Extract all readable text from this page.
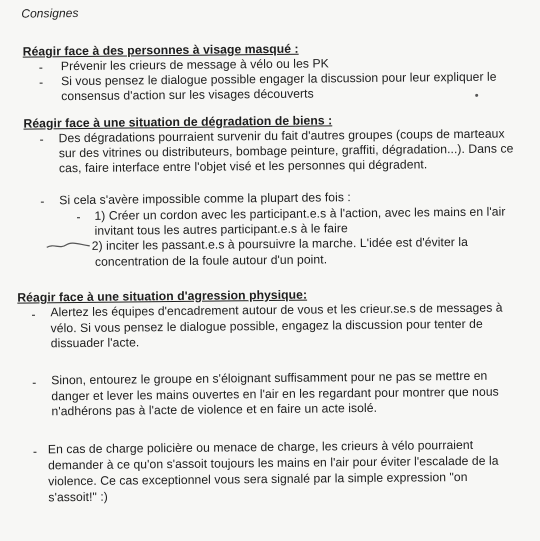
Consignes
Réagir face à des personnes à visage masqué :
- Prévenir les crieurs de message à vélo ou les PK
- Si vous pensez le dialogue possible engager la discussion pour leur expliquer le
consensus d'action sur les visages découverts
Réagir face à une situation de dégradation de biens :
- Des dégradations pourraient survenir du fait d'autres groupes (coups de marteaux
sur des vitrines ou distributeurs, bombage peinture, graffiti, dégradation...). Dans ce
cas, faire interface entre l'objet visé et les personnes qui dégradent.
- Si cela s'avère impossible comme la plupart des fois :
- 1) Créer un cordon avec les participant.e.s à l'action, avec les mains en l'air
invitant tous les autres participant.e.s à le faire
2) inciter les passant.e.s à poursuivre la marche. L'idée est d'éviter la
concentration de la foule autour d'un point.
Réagir face à une situation d'agression physique:
- Alertez les équipes d'encadrement autour de vous et les crieur.se.s de messages à
vélo. Si vous pensez le dialogue possible, engagez la discussion pour tenter de
dissuader l'acte.
- Sinon, entourez le groupe en s'éloignant suffisamment pour ne pas se mettre en
danger et lever les mains ouvertes en l'air en les regardant pour montrer que nous
n'adhérons pas à l'acte de violence et en faire un acte isolé.
- En cas de charge policière ou menace de charge, les crieurs à vélo pourraient
demander à ce qu'on s'assoit toujours les mains en l'air pour éviter l'escalade de la
violence. Ce cas exceptionnel vous sera signalé par la simple expression "on
s'assoit!" :)
